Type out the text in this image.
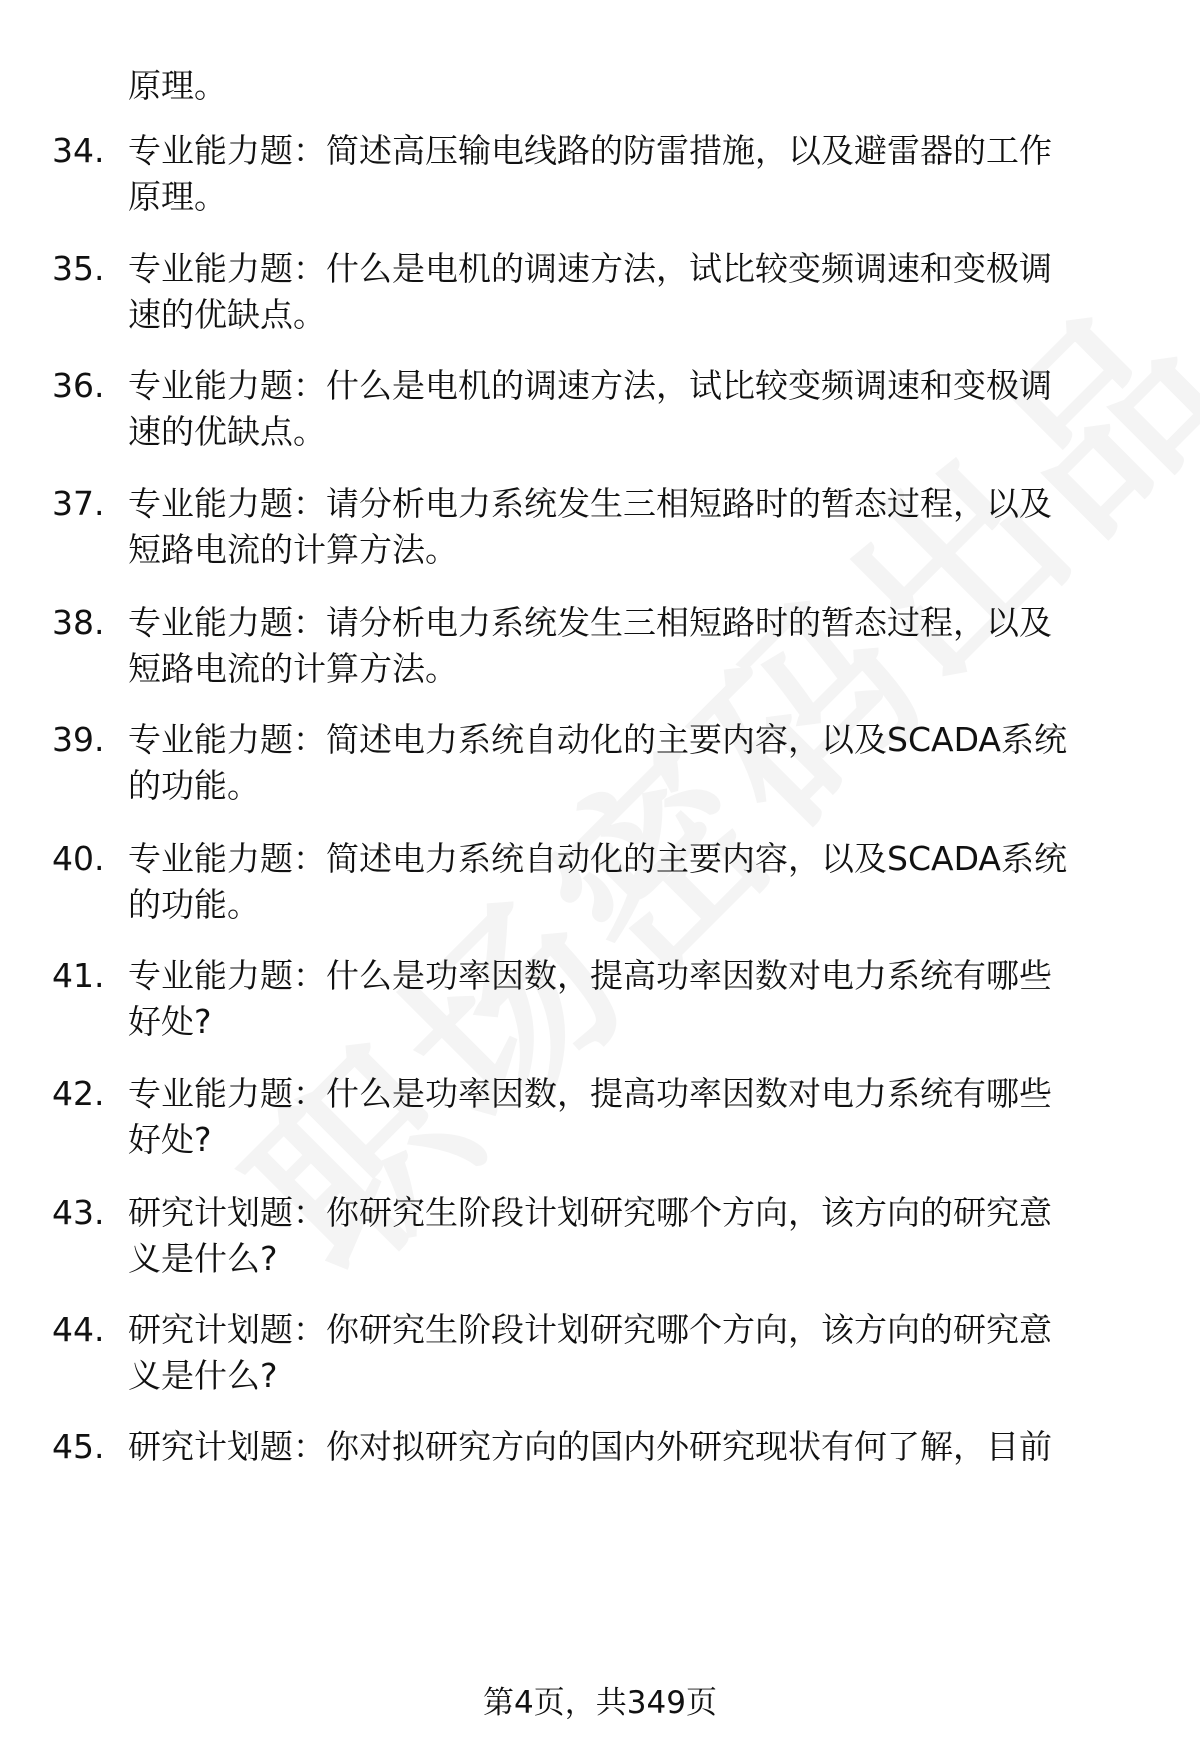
原理。
34. 专业能力题：简述高压输电线路的防雷措施，以及避雷器的工作
原理。
35. 专业能力题：什么是电机的调速方法，试比较变频调速和变极调
速的优缺点。
36. 专业能力题：什么是电机的调速方法，试比较变频调速和变极调
速的优缺点。
37. 专业能力题：请分析电力系统发生三相短路时的暂态过程，以及
短路电流的计算方法。
38. 专业能力题：请分析电力系统发生三相短路时的暂态过程，以及
短路电流的计算方法。
39. 专业能力题：简述电力系统自动化的主要内容，以及SCADA系统
的功能。
40. 专业能力题：简述电力系统自动化的主要内容，以及SCADA系统
的功能。
41. 专业能力题：什么是功率因数，提高功率因数对电力系统有哪些
好处?
42. 专业能力题：什么是功率因数，提高功率因数对电力系统有哪些
好处?
43. 研究计划题：你研究生阶段计划研究哪个方向，该方向的研究意
义是什么?
44. 研究计划题：你研究生阶段计划研究哪个方向，该方向的研究意
义是什么?
45. 研究计划题：你对拟研究方向的国内外研究现状有何了解，目前
第4页，共349页
